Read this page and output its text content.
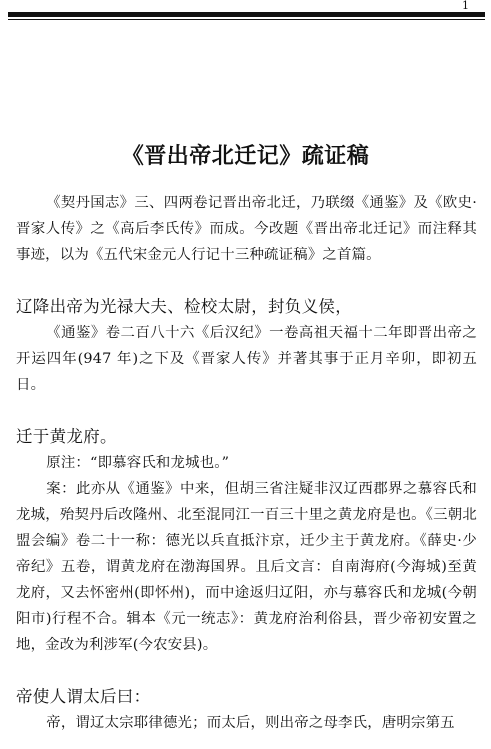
1
《晋出帝北迁记》疏证稿

《契丹国志》三、四两卷记晋出帝北迁，乃联缀《通鉴》及《欧史·晋家人传》之《高后李氏传》而成。今改题《晋出帝北迁记》而注释其事迹，以为《五代宋金元人行记十三种疏证稿》之首篇。

辽降出帝为光禄大夫、检校太尉，封负义侯，

《通鉴》卷二百八十六《后汉纪》一卷高祖天福十二年即晋出帝之开运四年(947 年)之下及《晋家人传》并著其事于正月辛卯，即初五日。

迁于黄龙府。

原注：“即慕容氏和龙城也。”

案：此亦从《通鉴》中来，但胡三省注疑非汉辽西郡界之慕容氏和龙城，殆契丹后改隆州、北至混同江一百三十里之黄龙府是也。《三朝北盟会编》卷二十一称：德光以兵直抵汴京，迁少主于黄龙府。《薛史·少帝纪》五卷，谓黄龙府在渤海国界。且后文言：自南海府(今海城)至黄龙府，又去怀密州(即怀州)，而中途返归辽阳，亦与慕容氏和龙城(今朝阳市)行程不合。辑本《元一统志》：黄龙府治利俗县，晋少帝初安置之地，金改为利涉军(今农安县)。

帝使人谓太后曰：

帝，谓辽太宗耶律德光；而太后，则出帝之母李氏，唐明宗第五
